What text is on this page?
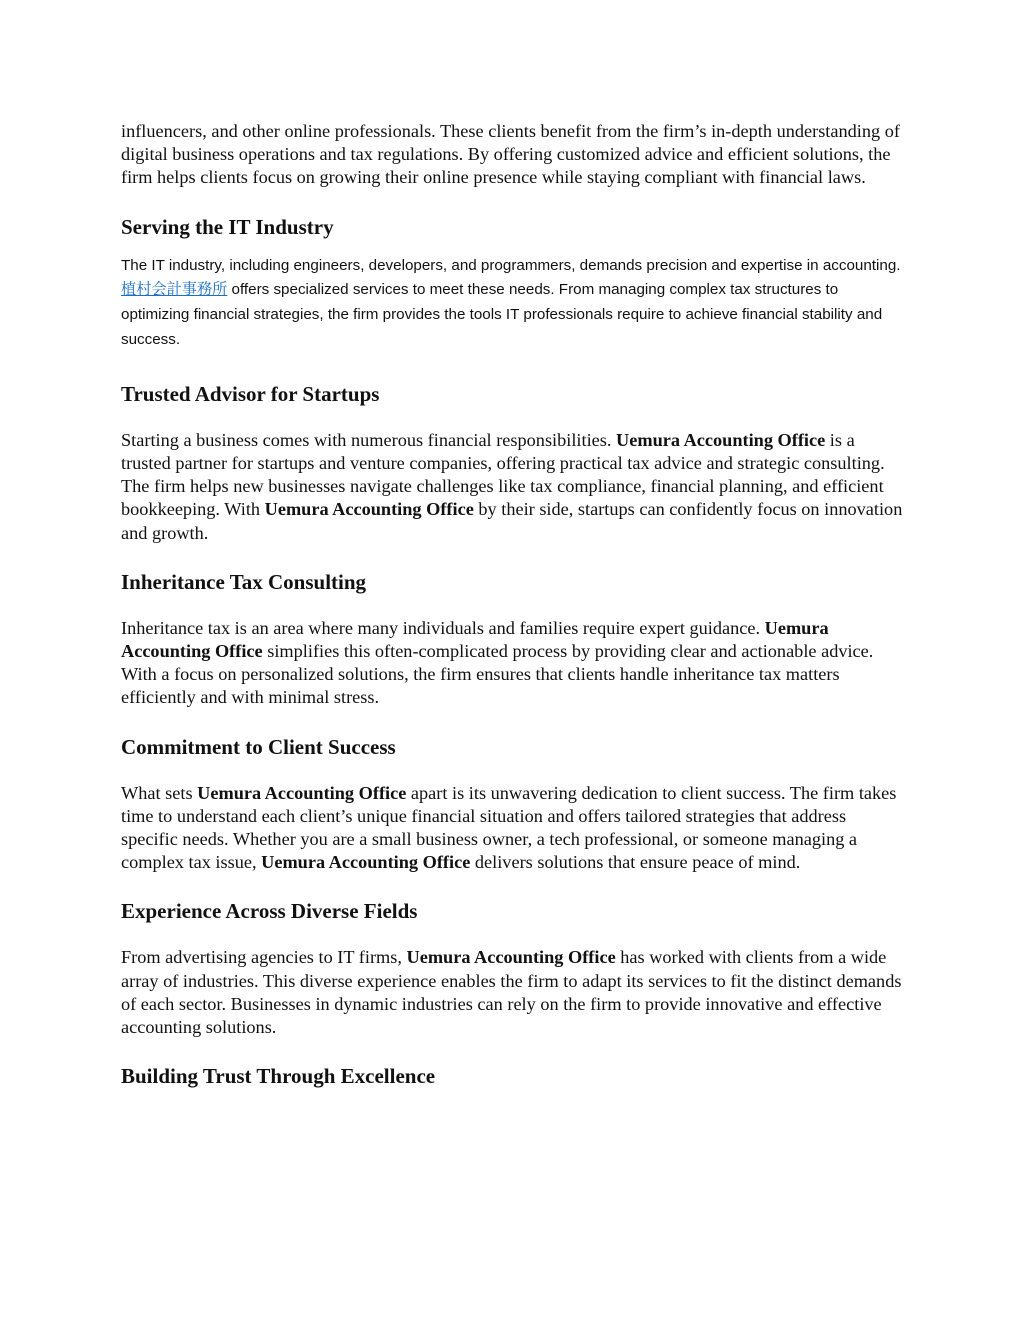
influencers, and other online professionals. These clients benefit from the firm’s in-depth understanding of digital business operations and tax regulations. By offering customized advice and efficient solutions, the firm helps clients focus on growing their online presence while staying compliant with financial laws.

Serving the IT Industry

The IT industry, including engineers, developers, and programmers, demands precision and expertise in accounting. 植村会計事務所 offers specialized services to meet these needs. From managing complex tax structures to optimizing financial strategies, the firm provides the tools IT professionals require to achieve financial stability and success.

Trusted Advisor for Startups

Starting a business comes with numerous financial responsibilities. Uemura Accounting Office is a trusted partner for startups and venture companies, offering practical tax advice and strategic consulting. The firm helps new businesses navigate challenges like tax compliance, financial planning, and efficient bookkeeping. With Uemura Accounting Office by their side, startups can confidently focus on innovation and growth.

Inheritance Tax Consulting

Inheritance tax is an area where many individuals and families require expert guidance. Uemura Accounting Office simplifies this often-complicated process by providing clear and actionable advice. With a focus on personalized solutions, the firm ensures that clients handle inheritance tax matters efficiently and with minimal stress.

Commitment to Client Success

What sets Uemura Accounting Office apart is its unwavering dedication to client success. The firm takes time to understand each client’s unique financial situation and offers tailored strategies that address specific needs. Whether you are a small business owner, a tech professional, or someone managing a complex tax issue, Uemura Accounting Office delivers solutions that ensure peace of mind.

Experience Across Diverse Fields

From advertising agencies to IT firms, Uemura Accounting Office has worked with clients from a wide array of industries. This diverse experience enables the firm to adapt its services to fit the distinct demands of each sector. Businesses in dynamic industries can rely on the firm to provide innovative and effective accounting solutions.

Building Trust Through Excellence
